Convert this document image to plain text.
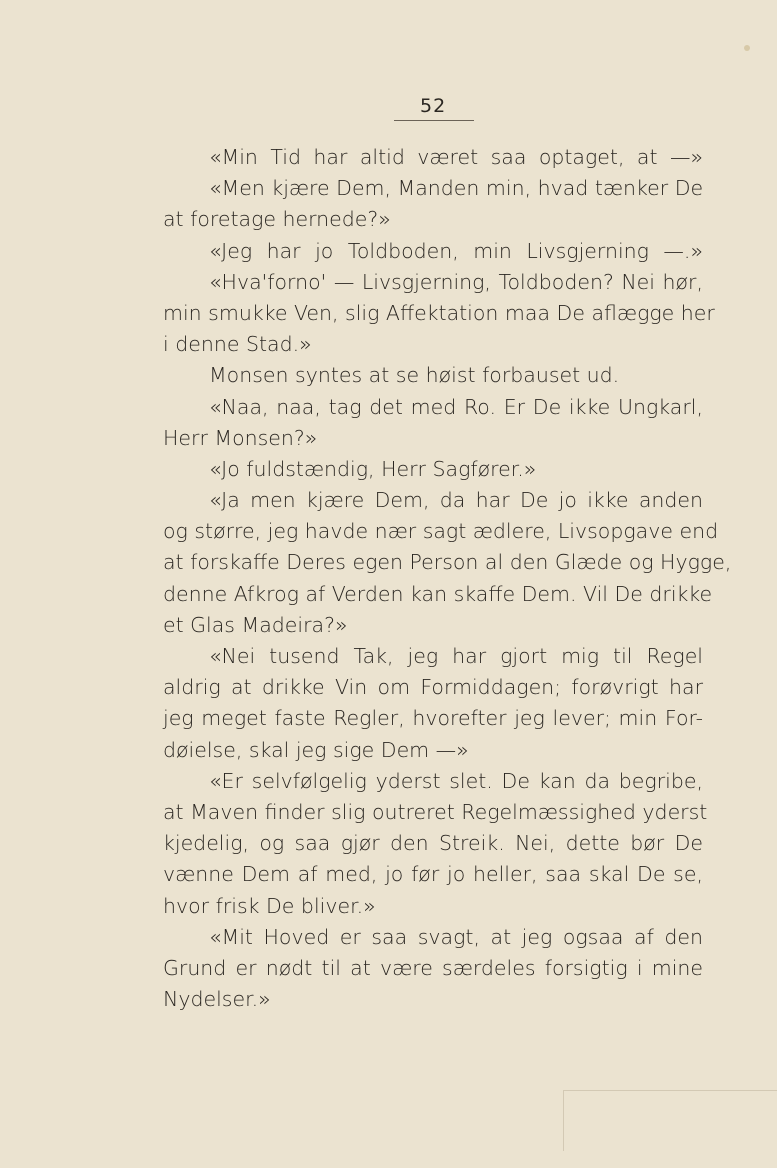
52
«Min Tid har altid været saa optaget, at —»
«Men kjære Dem, Manden min, hvad tænker De
at foretage hernede?»
«Jeg har jo Toldboden, min Livsgjerning —.»
«Hva'forno' — Livsgjerning, Toldboden? Nei hør,
min smukke Ven, slig Affektation maa De aflægge her
i denne Stad.»
Monsen syntes at se høist forbauset ud.
«Naa, naa, tag det med Ro. Er De ikke Ungkarl,
Herr Monsen?»
«Jo fuldstændig, Herr Sagfører.»
«Ja men kjære Dem, da har De jo ikke anden
og større, jeg havde nær sagt ædlere, Livsopgave end
at forskaffe Deres egen Person al den Glæde og Hygge,
denne Afkrog af Verden kan skaffe Dem. Vil De drikke
et Glas Madeira?»
«Nei tusend Tak, jeg har gjort mig til Regel
aldrig at drikke Vin om Formiddagen; forøvrigt har
jeg meget faste Regler, hvorefter jeg lever; min For-
døielse, skal jeg sige Dem —»
«Er selvfølgelig yderst slet. De kan da begribe,
at Maven finder slig outreret Regelmæssighed yderst
kjedelig, og saa gjør den Streik. Nei, dette bør De
vænne Dem af med, jo før jo heller, saa skal De se,
hvor frisk De bliver.»
«Mit Hoved er saa svagt, at jeg ogsaa af den
Grund er nødt til at være særdeles forsigtig i mine
Nydelser.»
